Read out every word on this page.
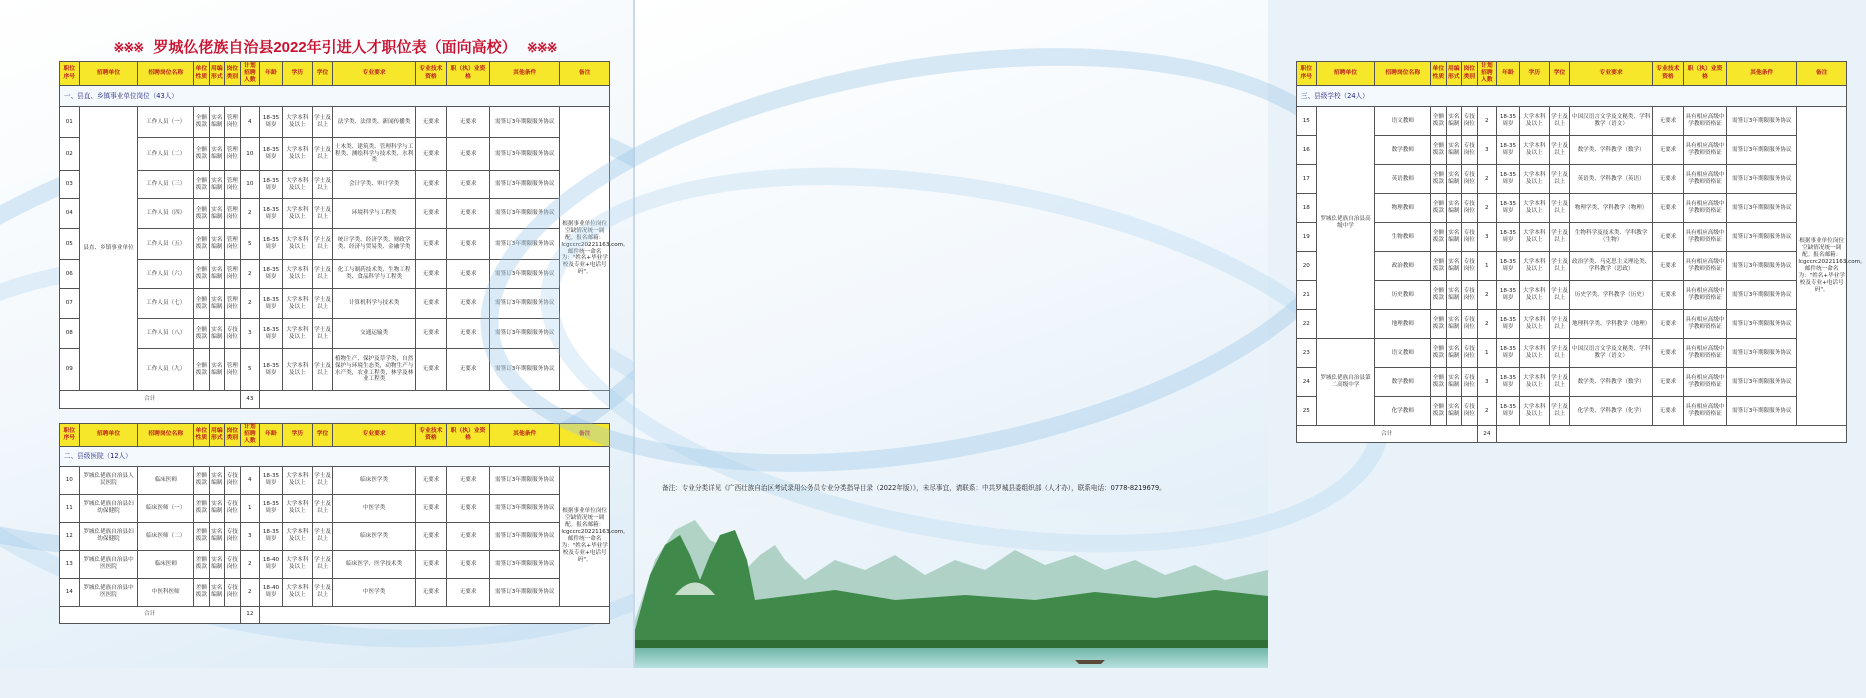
※※※ 罗城仫佬族自治县2022年引进人才职位表（面向高校） ※※※
职位序号	招聘单位	招聘岗位名称	单位性质	用编形式	岗位类别	计划招聘人数	年龄	学历	学位	专业要求	专业技术资格	职（执）业资格	其他条件	备注
一、县直、乡镇事业单位岗位（43人）														
01	县直、乡镇事业单位	工作人员（一）	全额拨款	实名编制	管理岗位	4	18-35周岁	大学本科及以上	学士及以上	法学类、法律类、新闻传播类	无要求	无要求	需签订3年期限服务协议	根据事业单位岗位空缺情况统一调配。报名邮箱：lcgccrc20221163.com。邮件统一命名为："姓名+毕业学校及专业+电话号码"。
02		工作人员（二）	全额拨款	实名编制	管理岗位	10	18-35周岁	大学本科及以上	学士及以上	土木类、建筑类、管理科学与工程类、测绘科学与技术类、水利类	无要求	无要求	需签订3年期限服务协议	
03		工作人员（三）	全额拨款	实名编制	管理岗位	10	18-35周岁	大学本科及以上	学士及以上	会计学类、审计学类	无要求	无要求	需签订3年期限服务协议	
04		工作人员（四）	全额拨款	实名编制	管理岗位	2	18-35周岁	大学本科及以上	学士及以上	环境科学与工程类	无要求	无要求	需签订3年期限服务协议	
05		工作人员（五）	全额拨款	实名编制	管理岗位	5	18-35周岁	大学本科及以上	学士及以上	统计学类、经济学类、财政学类、经济与贸易类、金融学类	无要求	无要求	需签订3年期限服务协议	
06		工作人员（六）	全额拨款	实名编制	管理岗位	2	18-35周岁	大学本科及以上	学士及以上	化工与制药技术类、生物工程类、食品科学与工程类	无要求	无要求	需签订3年期限服务协议	
07		工作人员（七）	全额拨款	实名编制	管理岗位	2	18-35周岁	大学本科及以上	学士及以上	计算机科学与技术类	无要求	无要求	需签订3年期限服务协议	
08		工作人员（八）	全额拨款	实名编制	专技岗位	3	18-35周岁	大学本科及以上	学士及以上	交通运输类	无要求	无要求	需签订3年期限服务协议	
09		工作人员（九）	全额拨款	实名编制	管理岗位	5	18-35周岁	大学本科及以上	学士及以上	植物生产、保护及草学类，自然保护与环境生态类，动物生产与水产类，农业工程类，林学及林业工程类	无要求	无要求	需签订3年期限服务协议	
合计						43								
职位序号	招聘单位	招聘岗位名称	单位性质	用编形式	岗位类别	计划招聘人数	年龄	学历	学位	专业要求	专业技术资格	职（执）业资格	其他条件	备注
二、县级医院（12人）														
10	罗城仫佬族自治县人民医院	临床医师	差额拨款	实名编制	专技岗位	4	18-35周岁	大学本科及以上	学士及以上	临床医学类	无要求	无要求	需签订3年期限服务协议	根据事业单位岗位空缺情况统一调配。报名邮箱：lcgccrc20221163.com。邮件统一命名为："姓名+毕业学校及专业+电话号码"。
11	罗城仫佬族自治县妇幼保健院	临床医师（一）	差额拨款	实名编制	专技岗位	1	18-35周岁	大学本科及以上	学士及以上	中医学类	无要求	无要求	需签订3年期限服务协议	
12	罗城仫佬族自治县妇幼保健院	临床医师（二）	差额拨款	实名编制	专技岗位	3	18-35周岁	大学本科及以上	学士及以上	临床医学类	无要求	无要求	需签订3年期限服务协议	
13	罗城仫佬族自治县中医医院	临床医师	差额拨款	实名编制	专技岗位	2	18-40周岁	大学本科及以上	学士及以上	临床医学、医学技术类	无要求	无要求	需签订3年期限服务协议	
14	罗城仫佬族自治县中医医院	中医科医师	差额拨款	实名编制	专技岗位	2	18-40周岁	大学本科及以上	学士及以上	中医学类	无要求	无要求	需签订3年期限服务协议	
合计						12								
职位序号	招聘单位	招聘岗位名称	单位性质	用编形式	岗位类别	计划招聘人数	年龄	学历	学位	专业要求	专业技术资格	职（执）业资格	其他条件	备注
三、县级学校（24人）														
15	罗城仫佬族自治县高级中学	语文教师	全额拨款	实名编制	专技岗位	2	18-35周岁	大学本科及以上	学士及以上	中国汉语言文学及文秘类、学科教学（语文）	无要求	具有相应高级中学教师资格证	需签订3年期限服务协议	根据事业单位岗位空缺情况统一调配。报名邮箱：lcgccrc20221163.com。邮件统一命名为："姓名+毕业学校及专业+电话号码"。
16		数学教师	全额拨款	实名编制	专技岗位	3	18-35周岁	大学本科及以上	学士及以上	数学类、学科教学（数学）	无要求	具有相应高级中学教师资格证	需签订3年期限服务协议	
17		英语教师	全额拨款	实名编制	专技岗位	2	18-35周岁	大学本科及以上	学士及以上	英语类、学科教学（英语）	无要求	具有相应高级中学教师资格证	需签订3年期限服务协议	
18		物理教师	全额拨款	实名编制	专技岗位	2	18-35周岁	大学本科及以上	学士及以上	物理学类、学科教学（物理）	无要求	具有相应高级中学教师资格证	需签订3年期限服务协议	
19		生物教师	全额拨款	实名编制	专技岗位	3	18-35周岁	大学本科及以上	学士及以上	生物科学及技术类、学科教学（生物）	无要求	具有相应高级中学教师资格证	需签订3年期限服务协议	
20		政治教师	全额拨款	实名编制	专技岗位	1	18-35周岁	大学本科及以上	学士及以上	政治学类、马克思主义理论类、学科教学（思政）	无要求	具有相应高级中学教师资格证	需签订3年期限服务协议	
21		历史教师	全额拨款	实名编制	专技岗位	2	18-35周岁	大学本科及以上	学士及以上	历史学类、学科教学（历史）	无要求	具有相应高级中学教师资格证	需签订3年期限服务协议	
22		地理教师	全额拨款	实名编制	专技岗位	2	18-35周岁	大学本科及以上	学士及以上	地理科学类、学科教学（地理）	无要求	具有相应高级中学教师资格证	需签订3年期限服务协议	
23	罗城仫佬族自治县第二高级中学	语文教师	全额拨款	实名编制	专技岗位	1	18-35周岁	大学本科及以上	学士及以上	中国汉语言文学及文秘类、学科教学（语文）	无要求	具有相应高级中学教师资格证	需签订3年期限服务协议	
24		数学教师	全额拨款	实名编制	专技岗位	3	18-35周岁	大学本科及以上	学士及以上	数学类、学科教学（数学）	无要求	具有相应高级中学教师资格证	需签订3年期限服务协议	
25		化学教师	全额拨款	实名编制	专技岗位	2	18-35周岁	大学本科及以上	学士及以上	化学类、学科教学（化学）	无要求	具有相应高级中学教师资格证	需签订3年期限服务协议	
合计						24								
备注：专业分类详见《广西壮族自治区考试录用公务员专业分类指导目录（2022年版）》，未尽事宜，请联系：中共罗城县委组织部（人才办），联系电话：0778-8219679。
